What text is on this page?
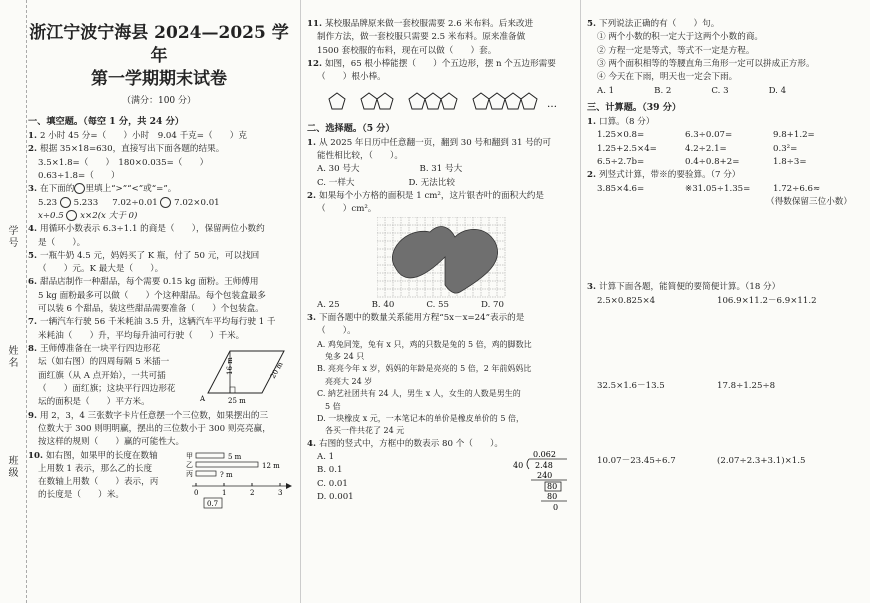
学号
姓名
班级
浙江宁波宁海县 2024—2025 学年
第一学期期末试卷
（满分：100 分）
一、填空题。（每空 1 分，共 24 分）

1. 2 小时 45 分=（　　）小时　9.04 千克=（　　）克

2. 根据 35×18=630，直接写出下面各题的结果。

3.5×1.8=（　　）　180×0.035=（　　）

0.63÷1.8=（　　）

3. 在下面的 里填上“>”“<”或“=”。

5.23 5.233 7.02÷0.01 7.02×0.01
x÷0.5 x×2(x 大于 0)

4. 用循环小数表示 6.3÷1.1 的商是（　　），保留两位小数约

是（　　）。

5. 一瓶牛奶 4.5 元，妈妈买了 K 瓶，付了 50 元，可以找回

（　　）元。K 最大是（　　）。

6. 甜品店制作一种甜品，每个需要 0.15 kg 面粉。王师傅用

5 kg 面粉最多可以做（　　）个这种甜品。每个包装盒最多

可以装 6 个甜品，装这些甜品需要准备（　　）个包装盒。

7. 一辆汽车行驶 56 千米耗油 3.5 升，这辆汽车平均每行驶 1 千

米耗油（　　）升，平均每升油可行驶（　　）千米。

8. 王师傅准备在一块平行四边形花

坛（如右图）的四周每隔 5 米插一

面红旗（从 A 点开始），一共可插

（　　）面红旗；这块平行四边形花

坛的面积是（　　）平方米。

16 m	20 m
25 m
A

9. 用 2，3，4 三张数字卡片任意摆一个三位数，如果摆出的三

位数大于 300 则明明赢，摆出的三位数小于 300 则亮亮赢，

按这样的规则（　　）赢的可能性大。

10. 如右图，如果甲的长度在数轴

上用数 1 表示，那么乙的长度

在数轴上用数（　　）表示，丙

的长度是（　　）米。

甲	5 m
乙	12 m
丙	? m
0	1	2	3
0.7

11. 某校服品牌原来做一套校服需要 2.6 米布料。后来改进

制作方法，做一套校服只需要 2.5 米布料。原来准备做

1500 套校服的布料，现在可以做（　　）套。

12. 如图，65 根小棒能摆（　　）个五边形，摆 n 个五边形需要

（　　）根小棒。

…
二、选择题。（5 分）

1. 从 2025 年日历中任意翻一页，翻到 30 号和翻到 31 号的可

能性相比较，（　　）。

A. 30 号大	B. 31 号大
C. 一样大	D. 无法比较

2. 如果每个小方格的面积是 1 cm²，这片银杏叶的面积大约是

（　　）cm²。

A. 25	B. 40	C. 55	D. 70

3. 下面各题中的数量关系能用方程“5x－x=24”表示的是

（　　）。

A. 鸡兔同笼，兔有 x 只，鸡的只数是兔的 5 倍，鸡的脚数比

兔多 24 只

B. 亮亮今年 x 岁，妈妈的年龄是亮亮的 5 倍，2 年前妈妈比

亮亮大 24 岁

C. 納艺社团共有 24 人，男生 x 人，女生的人数是男生的

5 倍

D. 一块橡皮 x 元，一本笔记本的单价是橡皮单价的 5 倍，

各买一件共花了 24 元

4. 右图的竖式中，方框中的数表示 80 个（　　）。

A. 1

B. 0.1

C. 0.01

D. 0.001

0.062
40 2.48
240
80
80
0

5. 下列说法正确的有（　　）句。

① 两个小数的积一定大于这两个小数的商。

② 方程一定是等式，等式不一定是方程。

③ 两个面积相等的等腰直角三角形一定可以拼成正方形。

④ 今天在下雨，明天也一定会下雨。

A. 1	B. 2	C. 3	D. 4
三、计算题。（39 分）

1. 口算。（8 分）

1.25×0.8=	6.3÷0.07=	9.8+1.2=
1.25+2.5×4=	4.2÷2.1=	0.3²=
6.5÷2.7b=	0.4÷0.8+2=	1.8÷3=

2. 列竖式计算，带※的要验算。（7 分）

3.85×4.6=	※31.05÷1.35=	1.72÷6.6≈

（得数保留三位小数）

3. 计算下面各题，能简便的要简便计算。（18 分）

2.5×0.825×4	106.9×11.2－6.9×11.2
32.5×1.6－13.5	17.8÷1.25÷8
10.07－23.45÷6.7	(2.07÷2.3+3.1)×1.5
